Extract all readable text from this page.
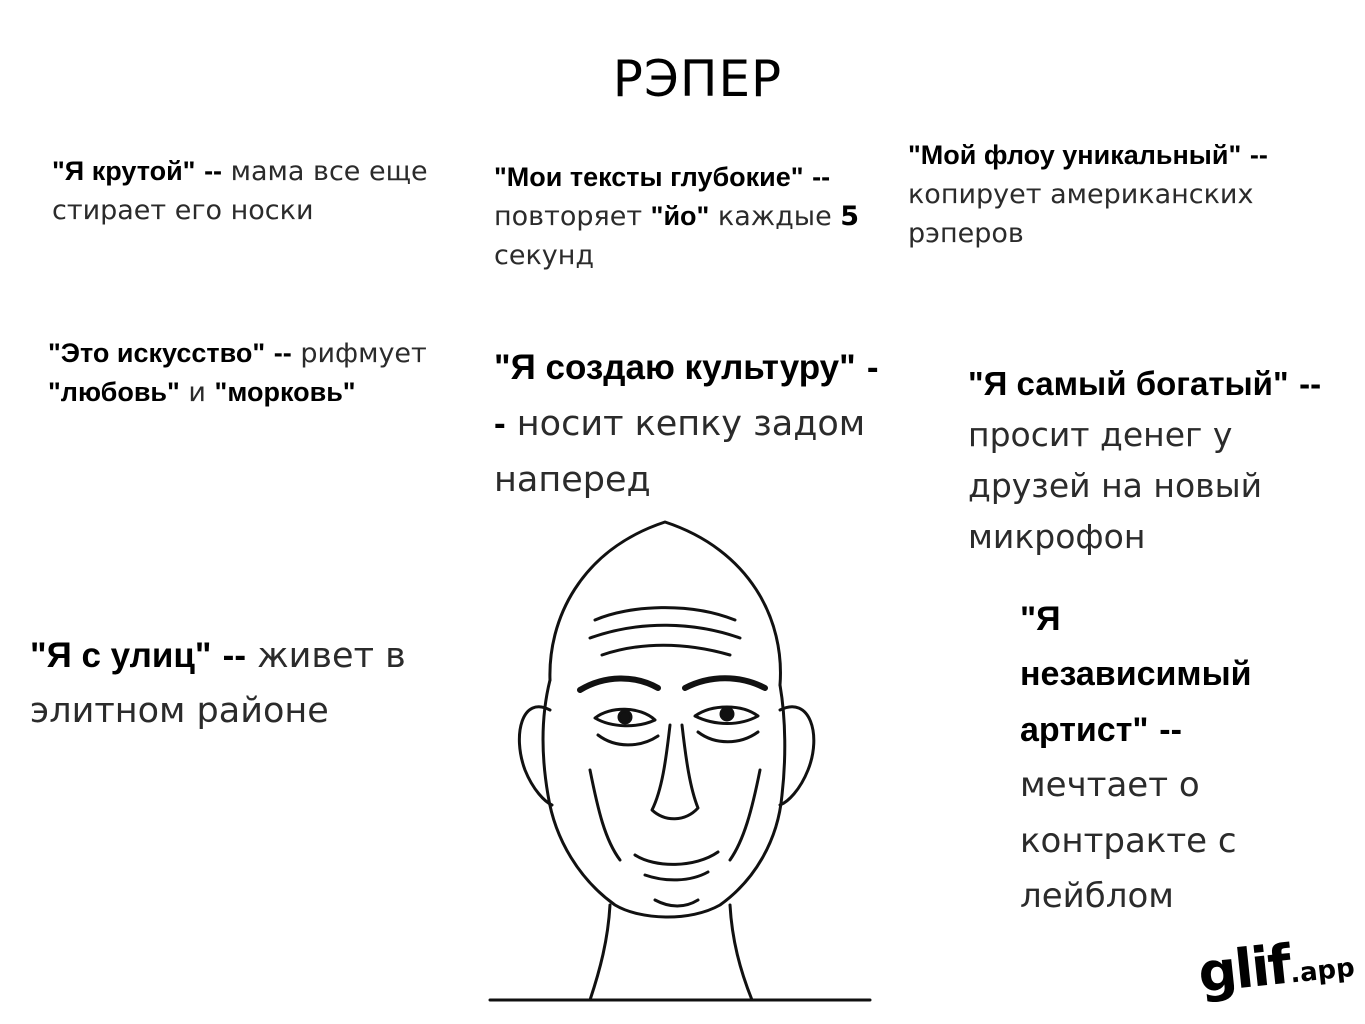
РЭПЕР
"Я крутой" -- мама все еще стирает его носки
"Мои тексты глубокие" --
повторяет "йо" каждые 5
секунд
"Мой флоу уникальный" -- копирует американских рэперов
"Это искусство" -- рифмует
"любовь" и "морковь"
"Я создаю культуру" -- носит кепку задом наперед
"Я самый богатый" -- просит денег у друзей на новый микрофон
"Я с улиц" -- живет в элитном районе
"Я
независимый артист" -- мечтает о контракте с лейблом
glif.app
